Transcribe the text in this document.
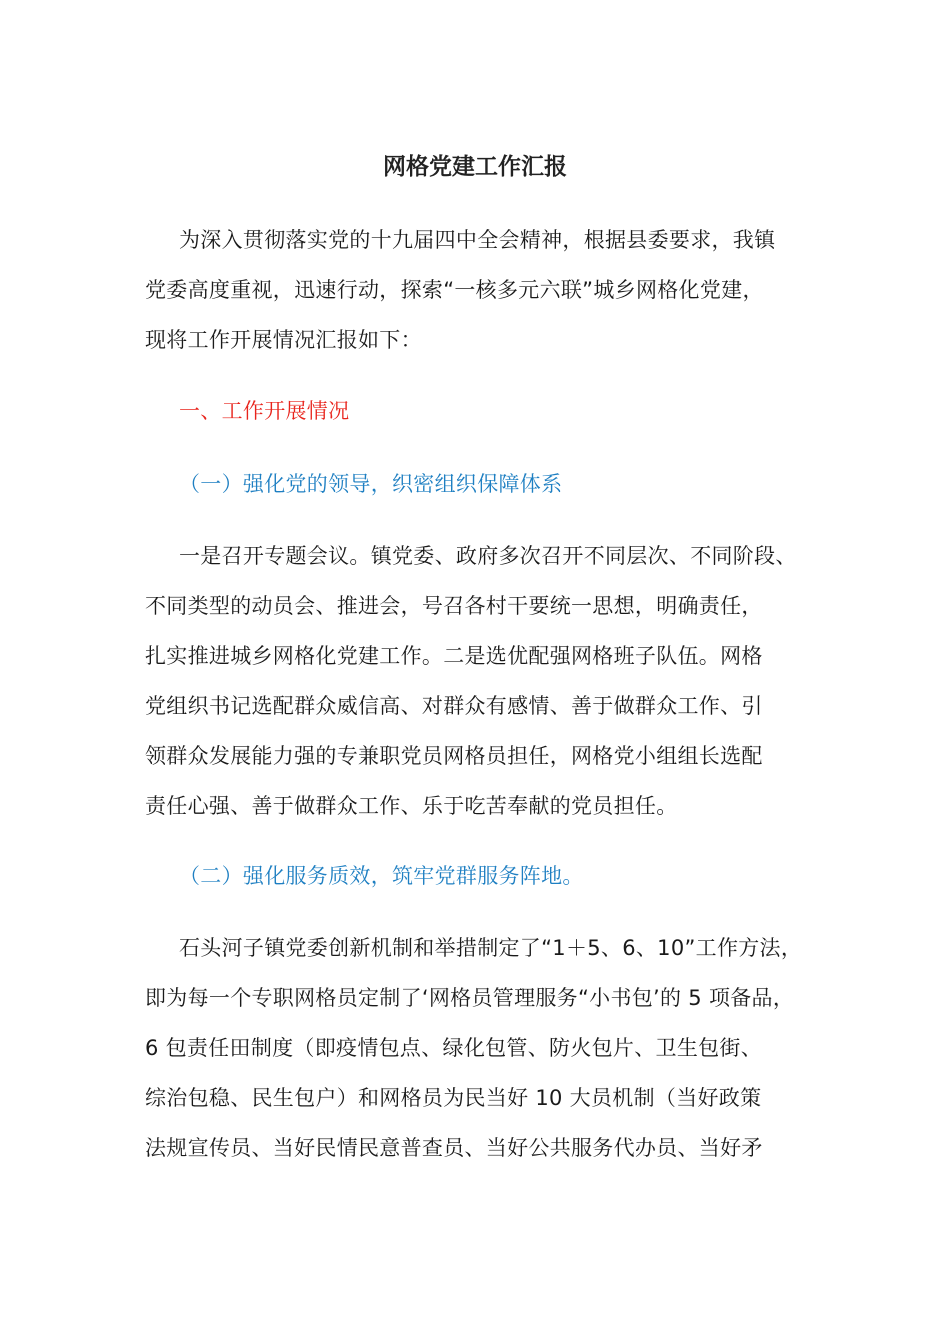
网格党建工作汇报
为深入贯彻落实党的十九届四中全会精神，根据县委要求，我镇
党委高度重视，迅速行动，探索“一核多元六联”城乡网格化党建，
现将工作开展情况汇报如下：
一、工作开展情况
（一）强化党的领导，织密组织保障体系
一是召开专题会议。镇党委、政府多次召开不同层次、不同阶段、
不同类型的动员会、推进会，号召各村干要统一思想，明确责任，
扎实推进城乡网格化党建工作。二是选优配强网格班子队伍。网格
党组织书记选配群众威信高、对群众有感情、善于做群众工作、引
领群众发展能力强的专兼职党员网格员担任，网格党小组组长选配
责任心强、善于做群众工作、乐于吃苦奉献的党员担任。
（二）强化服务质效，筑牢党群服务阵地。
石头河子镇党委创新机制和举措制定了“1＋5、6、10”工作方法，
即为每一个专职网格员定制了‘网格员管理服务“小书包’的 5 项备品，
6 包责任田制度（即疫情包点、绿化包管、防火包片、卫生包街、
综治包稳、民生包户）和网格员为民当好 10 大员机制（当好政策
法规宣传员、当好民情民意普查员、当好公共服务代办员、当好矛
